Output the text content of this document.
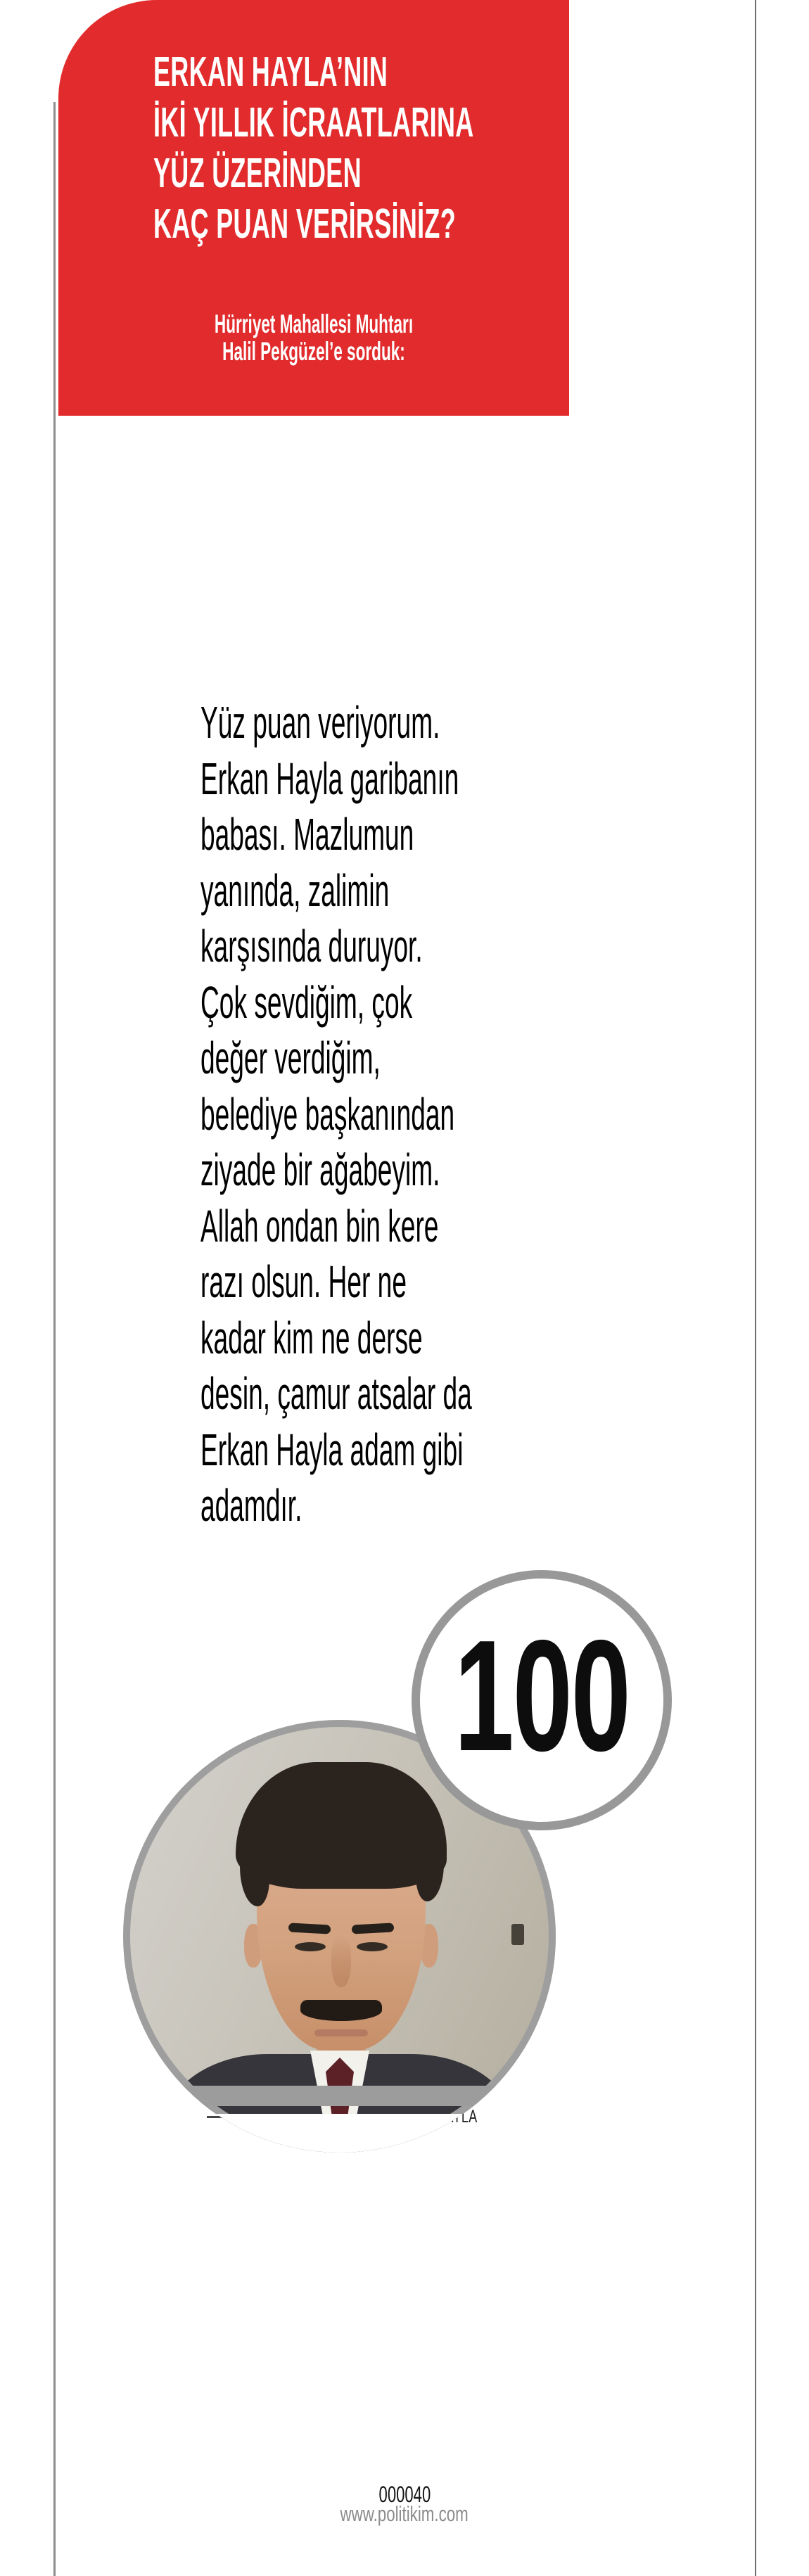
ERKAN HAYLA’NIN
İKİ YILLIK İCRAATLARINA
YÜZ ÜZERİNDEN
KAÇ PUAN VERİRSİNİZ?
Hürriyet Mahallesi Muhtarı
Halil Pekgüzel’e sorduk:
Yüz puan veriyorum.
Erkan Hayla garibanın
babası. Mazlumun
yanında, zalimin
karşısında duruyor.
Çok sevdiğim, çok
değer verdiğim,
belediye başkanından
ziyade bir ağabeyim.
Allah ondan bin kere
razı olsun. Her ne
kadar kim ne derse
desin, çamur atsalar da
Erkan Hayla adam gibi
adamdır.
100
000040
www.politikim.com
